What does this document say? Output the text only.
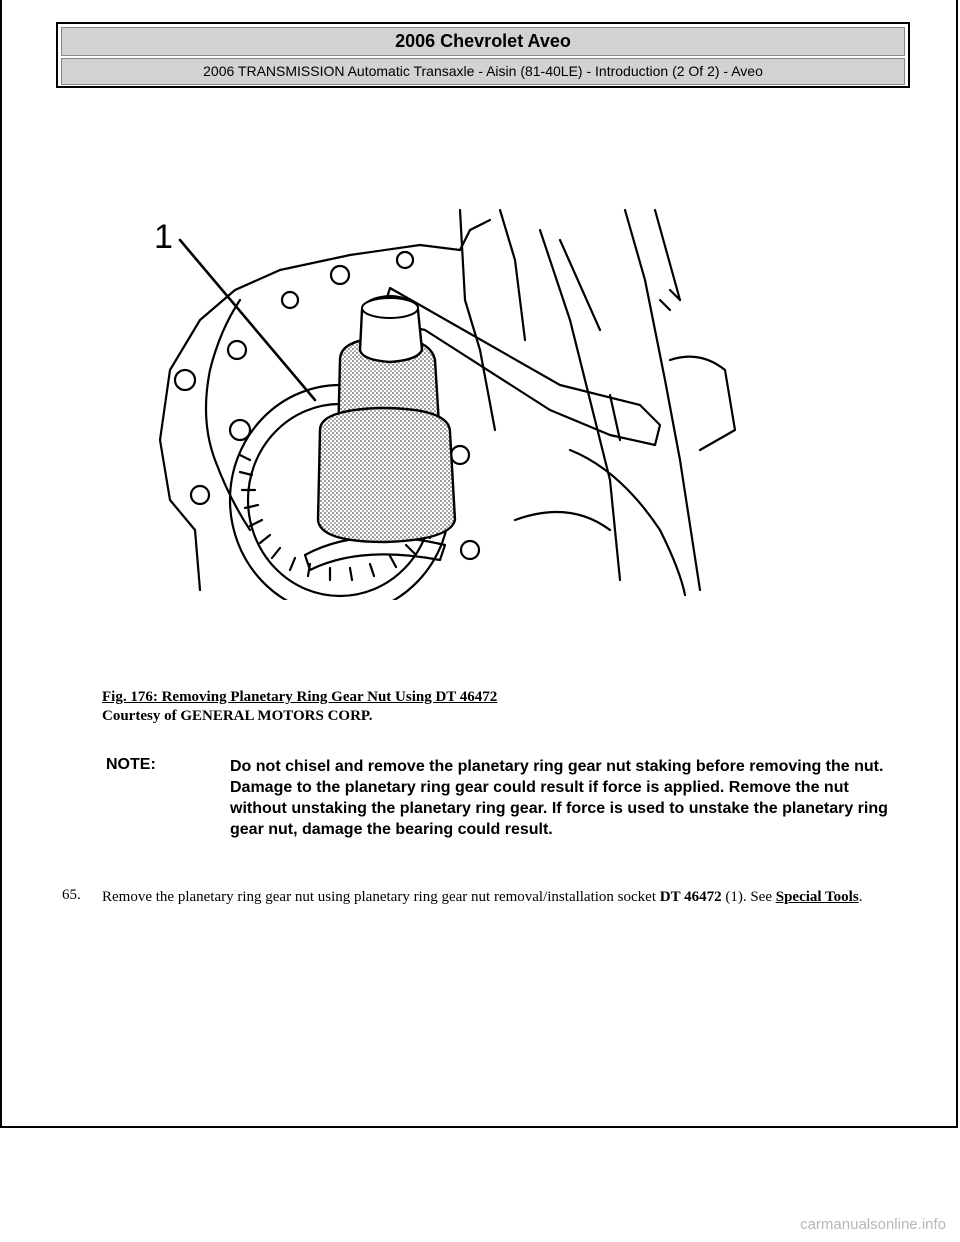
2006 Chevrolet Aveo
2006 TRANSMISSION Automatic Transaxle - Aisin (81-40LE) - Introduction (2 Of 2) - Aveo
1
Fig. 176: Removing Planetary Ring Gear Nut Using DT 46472
Courtesy of GENERAL MOTORS CORP.
NOTE:	Do not chisel and remove the planetary ring gear nut staking before removing the nut. Damage to the planetary ring gear could result if force is applied. Remove the nut without unstaking the planetary ring gear. If force is used to unstake the planetary ring gear nut, damage the bearing could result.
65. Remove the planetary ring gear nut using planetary ring gear nut removal/installation socket DT 46472 (1). See Special Tools.
carmanualsonline.info
